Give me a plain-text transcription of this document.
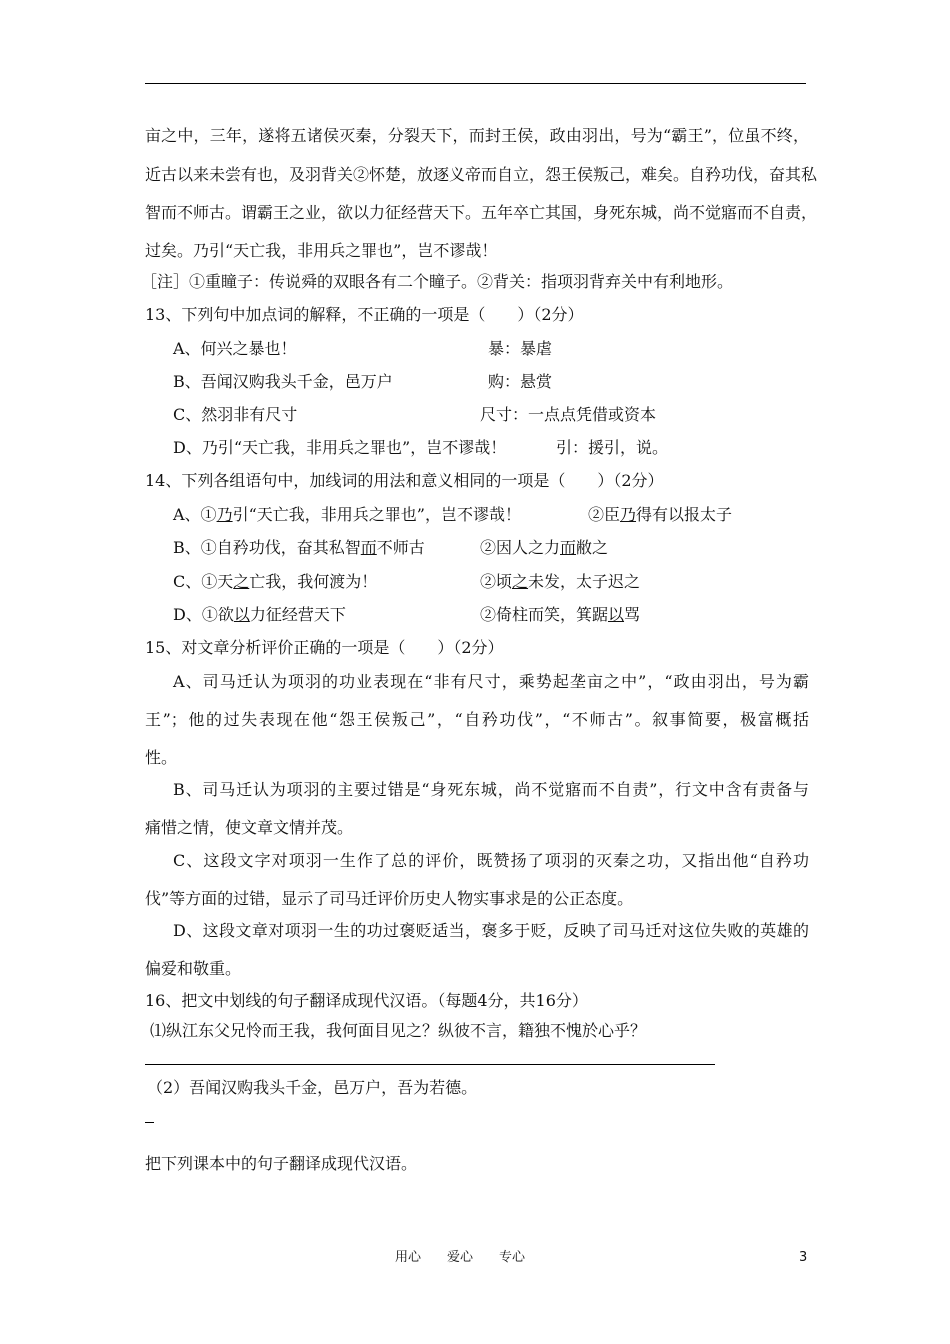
亩之中，三年，遂将五诸侯灭秦，分裂天下，而封王侯，政由羽出，号为“霸王”，位虽不终，
近古以来未尝有也，及羽背关②怀楚，放逐义帝而自立，怨王侯叛己，难矣。自矜功伐，奋其私
智而不师古。谓霸王之业，欲以力征经营天下。五年卒亡其国，身死东城，尚不觉寤而不自责，
过矣。乃引“天亡我，非用兵之罪也”，岂不谬哉！
［注］①重瞳子：传说舜的双眼各有二个瞳子。②背关：指项羽背弃关中有利地形。
13、下列句中加点词的解释，不正确的一项是（　　）（2分）
A、何兴之暴也！	暴：暴虐
B、吾闻汉购我头千金，邑万户	购：悬赏
C、然羽非有尺寸	尺寸：一点点凭借或资本
D、乃引“天亡我，非用兵之罪也”，岂不谬哉！	引：援引，说。
14、下列各组语句中，加线词的用法和意义相同的一项是（　　）（2分）
A、①乃引“天亡我，非用兵之罪也”，岂不谬哉！	②臣乃得有以报太子
B、①自矜功伐，奋其私智而不师古	②因人之力而敝之
C、①天之亡我，我何渡为！	②顷之未发，太子迟之
D、①欲以力征经营天下	②倚柱而笑，箕踞以骂
15、对文章分析评价正确的一项是（　　）（2分）
A、司马迁认为项羽的功业表现在“非有尺寸，乘势起垄亩之中”，“政由羽出，号为霸
王”；他的过失表现在他“怨王侯叛己”，“自矜功伐”，“不师古”。叙事简要，极富概括
性。
B、司马迁认为项羽的主要过错是“身死东城，尚不觉寤而不自责”，行文中含有责备与
痛惜之情，使文章文情并茂。
C、这段文字对项羽一生作了总的评价，既赞扬了项羽的灭秦之功，又指出他“自矜功
伐”等方面的过错，显示了司马迁评价历史人物实事求是的公正态度。
D、这段文章对项羽一生的功过褒贬适当，褒多于贬，反映了司马迁对这位失败的英雄的
偏爱和敬重。
16、把文中划线的句子翻译成现代汉语。（每题4分，共16分）
⑴纵江东父兄怜而王我，我何面目见之？纵彼不言，籍独不愧於心乎？
（2）吾闻汉购我头千金，邑万户，吾为若德。
把下列课本中的句子翻译成现代汉语。
用心　　爱心　　专心	3
